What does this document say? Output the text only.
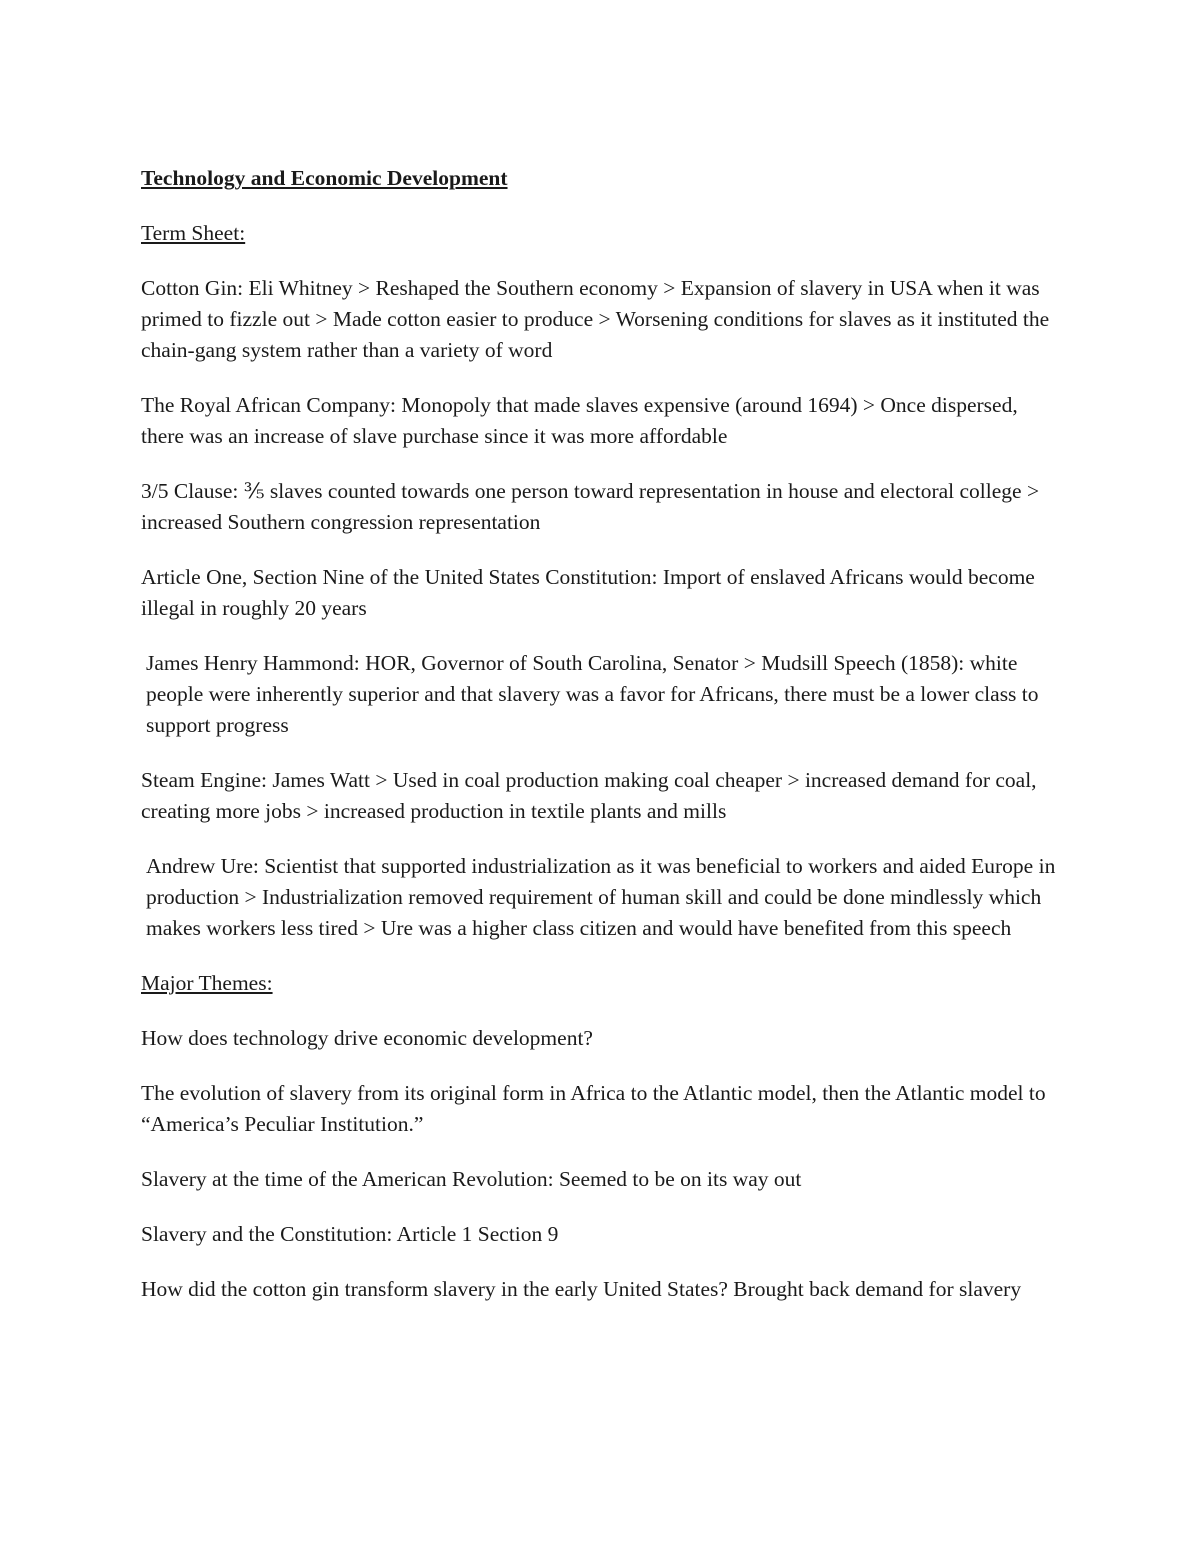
Technology and Economic Development
Term Sheet:
Cotton Gin: Eli Whitney > Reshaped the Southern economy > Expansion of slavery in USA when it was primed to fizzle out > Made cotton easier to produce > Worsening conditions for slaves as it instituted the chain-gang system rather than a variety of word
The Royal African Company: Monopoly that made slaves expensive (around 1694) > Once dispersed, there was an increase of slave purchase since it was more affordable
3/5 Clause: ⅗ slaves counted towards one person toward representation in house and electoral college > increased Southern congression representation
Article One, Section Nine of the United States Constitution: Import of enslaved Africans would become illegal in roughly 20 years
James Henry Hammond: HOR, Governor of South Carolina, Senator > Mudsill Speech (1858): white people were inherently superior and that slavery was a favor for Africans, there must be a lower class to support progress
Steam Engine: James Watt > Used in coal production making coal cheaper > increased demand for coal, creating more jobs > increased production in textile plants and mills
Andrew Ure: Scientist that supported industrialization as it was beneficial to workers and aided Europe in production > Industrialization removed requirement of human skill and could be done mindlessly which makes workers less tired > Ure was a higher class citizen and would have benefited from this speech
Major Themes:
How does technology drive economic development?
The evolution of slavery from its original form in Africa to the Atlantic model, then the Atlantic model to “America’s Peculiar Institution.”
Slavery at the time of the American Revolution: Seemed to be on its way out
Slavery and the Constitution: Article 1 Section 9
How did the cotton gin transform slavery in the early United States? Brought back demand for slavery
